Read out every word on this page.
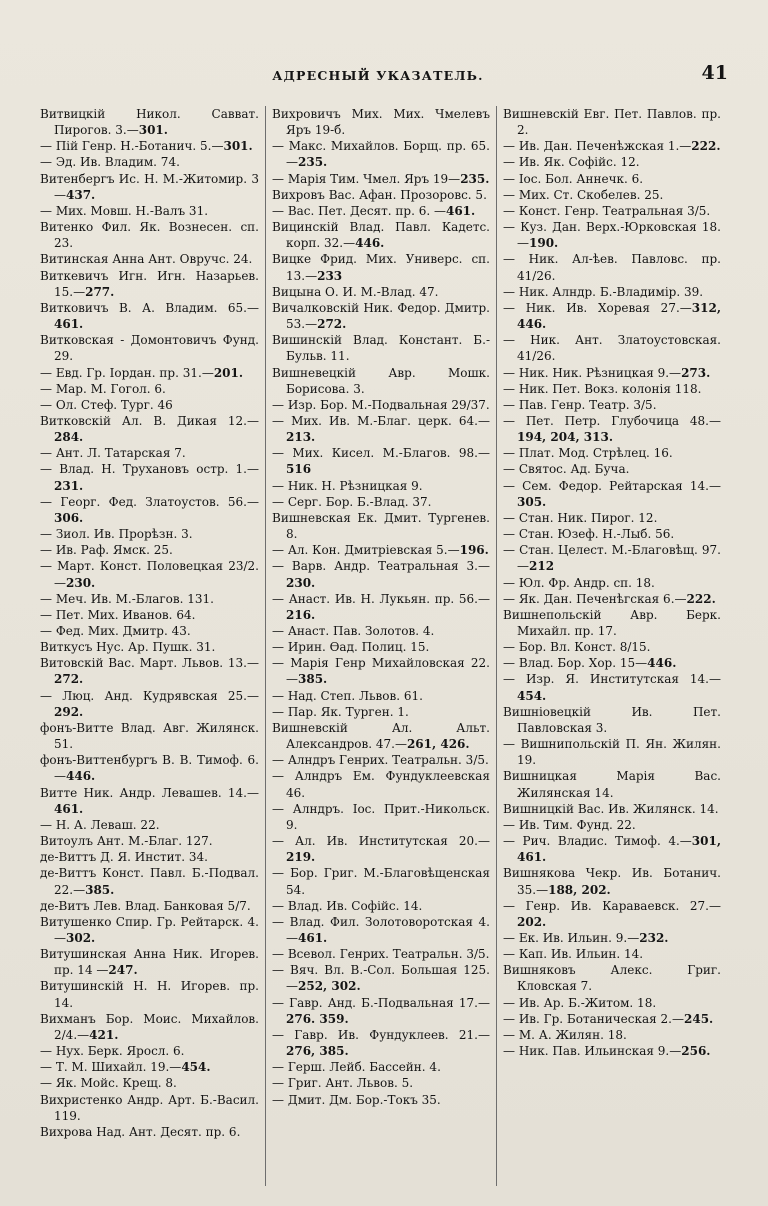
АДРЕСНЫЙ УКАЗАТЕЛЬ.	41
Витвицкій Никол. Савват. Пирогов. 3.—301.
— Пій Генр. Н.-Ботанич. 5.—301.
— Эд. Ив. Владим. 74.
Витенбергъ Ис. Н. М.-Житомир. 3—437.
— Мих. Мовш. Н.-Валъ 31.
Витенко Фил. Як. Вознесен. сп. 23.
Витинская Анна Ант. Овручс. 24.
Виткевичъ Игн. Игн. Назарьев. 15.—277.
Витковичъ В. А. Владим. 65.—461.
Витковская - Домонтовичъ Фунд. 29.
— Евд. Гр. Іордан. пр. 31.—201.
— Мар. М. Гогол. 6.
— Ол. Стеф. Тург. 46
Витковскій Ал. В. Дикая 12.—284.
— Ант. Л. Татарская 7.
— Влад. Н. Трухановъ остр. 1.—231.
— Георг. Фед. Златоустов. 56.—306.
— Зиол. Ив. Прорѣзн. 3.
— Ив. Раф. Ямск. 25.
— Март. Конст. Половецкая 23/2.—230.
— Меч. Ив. М.-Благов. 131.
— Пет. Мих. Иванов. 64.
— Фед. Мих. Дмитр. 43.
Виткусъ Нус. Ар. Пушк. 31.
Витовскій Вас. Март. Львов. 13.—272.
— Люц. Анд. Кудрявская 25.—292.
фонъ-Витте Влад. Авг. Жилянск. 51.
фонъ-Виттенбургъ В. В. Тимоф. 6.—446.
Витте Ник. Андр. Левашев. 14.—461.
— Н. А. Леваш. 22.
Витоулъ Ант. М.-Благ. 127.
де-Виттъ Д. Я. Инстит. 34.
де-Виттъ Конст. Павл. Б.-Подвал. 22.—385.
де-Витъ Лев. Влад. Банковая 5/7.
Витушенко Спир. Гр. Рейтарск. 4.—302.
Витушинская Анна Ник. Игорев. пр. 14 —247.
Витушинскій Н. Н. Игорев. пр. 14.
Вихманъ Бор. Моис. Михайлов. 2/4.—421.
— Нух. Берк. Яросл. 6.
— Т. М. Шихайл. 19.—454.
— Як. Мойс. Крещ. 8.
Вихристенко Андр. Арт. Б.-Васил. 119.
Вихрова Над. Ант. Десят. пр. 6.
Вихровичъ Мих. Мих. Чмелевъ Яръ 19-б.
— Макс. Михайлов. Борщ. пр. 65.—235.
— Марія Тим. Чмел. Яръ 19—235.
Вихровъ Вас. Афан. Прозоровс. 5.
— Вас. Пет. Десят. пр. 6. —461.
Вицинскій Влад. Павл. Кадетс. корп. 32.—446.
Вицке Фрид. Мих. Универс. сп. 13.—233
Вицына О. И. М.-Влад. 47.
Вичалковскій Ник. Федор. Дмитр. 53.—272.
Вишинскій Влад. Констант. Б.-Бульв. 11.
Вишневецкій Авр. Мошк. Борисова. 3.
— Изр. Бор. М.-Подвальная 29/37.
— Мих. Ив. М.-Благ. церк. 64.—213.
— Мих. Кисел. М.-Благов. 98.—516
— Ник. Н. Рѣзницкая 9.
— Серг. Бор. Б.-Влад. 37.
Вишневская Ек. Дмит. Тургенев. 8.
— Ал. Кон. Дмитріевская 5.—196.
— Варв. Андр. Театральная 3.—230.
— Анаст. Ив. Н. Лукьян. пр. 56.—216.
— Анаст. Пав. Золотов. 4.
— Ирин. Өад. Полиц. 15.
— Марія Генр Михайловская 22.—385.
— Над. Степ. Львов. 61.
— Пар. Як. Турген. 1.
Вишневскій Ал. Альт. Александров. 47.—261, 426.
— Алндръ Генрих. Театральн. 3/5.
— Алндръ Ем. Фундуклеевская 46.
— Алндръ. Іос. Прит.-Никольск. 9.
— Ал. Ив. Институтская 20.—219.
— Бор. Григ. М.-Благовѣщенская 54.
— Влад. Ив. Софійс. 14.
— Влад. Фил. Золотоворотская 4.—461.
— Всевол. Генрих. Театральн. 3/5.
— Вяч. Вл. В.-Сол. Большая 125.—252, 302.
— Гавр. Анд. Б.-Подвальная 17.—276. 359.
— Гавр. Ив. Фундуклеев. 21.—276, 385.
— Герш. Лейб. Бассейн. 4.
— Григ. Ант. Львов. 5.
— Дмит. Дм. Бор.-Токъ 35.
Вишневскій Евг. Пет. Павлов. пр. 2.
— Ив. Дан. Печенѣжская 1.—222.
— Ив. Як. Софійс. 12.
— Іос. Бол. Аннечк. 6.
— Мих. Ст. Скобелев. 25.
— Конст. Генр. Театральная 3/5.
— Куз. Дан. Верх.-Юрковская 18.—190.
— Ник. Ал-ѣев. Павловс. пр. 41/26.
— Ник. Алндр. Б.-Владимір. 39.
— Ник. Ив. Хоревая 27.—312, 446.
— Ник. Ант. Златоустовская. 41/26.
— Ник. Ник. Рѣзницкая 9.—273.
— Ник. Пет. Вокз. колонія 118.
— Пав. Генр. Театр. 3/5.
— Пет. Петр. Глубочица 48.—194, 204, 313.
— Плат. Мод. Стрѣлец. 16.
— Святос. Ад. Буча.
— Сем. Федор. Рейтарская 14.—305.
— Стан. Ник. Пирог. 12.
— Стан. Юзеф. Н.-Лыб. 56.
— Стан. Целест. М.-Благовѣщ. 97.—212
— Юл. Фр. Андр. сп. 18.
— Як. Дан. Печенѣгская 6.—222.
Вишнепольскій Авр. Берк. Михайл. пр. 17.
— Бор. Вл. Конст. 8/15.
— Влад. Бор. Хор. 15—446.
— Изр. Я. Институтская 14.—454.
Вишніовецкій Ив. Пет. Павловская 3.
— Вишнипольскій П. Ян. Жилян. 19.
Вишницкая Марія Вас. Жилянская 14.
Вишницкій Вас. Ив. Жилянск. 14.
— Ив. Тим. Фунд. 22.
— Рич. Владис. Тимоф. 4.—301, 461.
Вишнякова Чекр. Ив. Ботанич. 35.—188, 202.
— Генр. Ив. Караваевск. 27.—202.
— Ек. Ив. Ильин. 9.—232.
— Кап. Ив. Ильин. 14.
Вишняковъ Алекс. Григ. Кловская 7.
— Ив. Ар. Б.-Житом. 18.
— Ив. Гр. Ботаническая 2.—245.
— М. А. Жилян. 18.
— Ник. Пав. Ильинская 9.—256.
